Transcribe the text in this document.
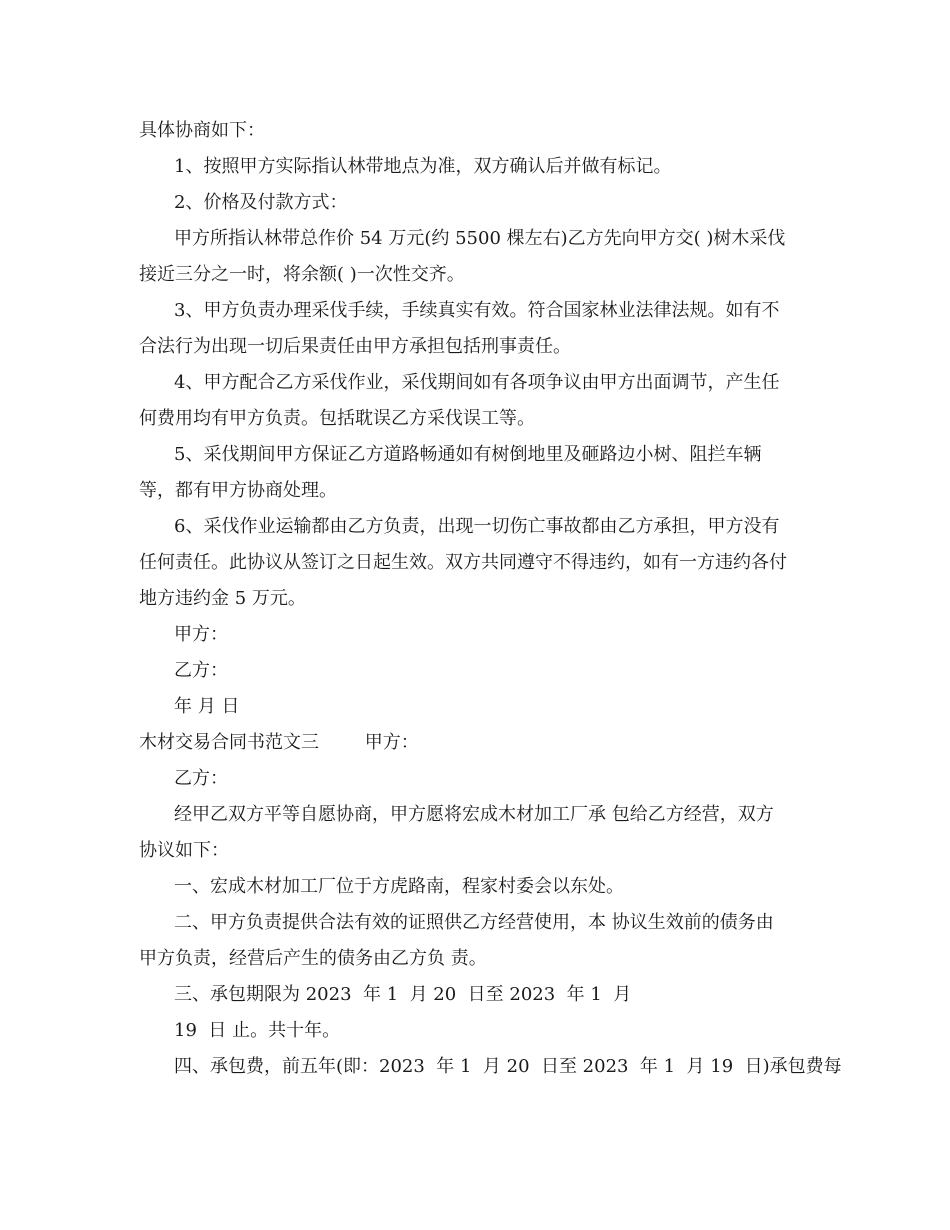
具体协商如下：
1、按照甲方实际指认林带地点为准，双方确认后并做有标记。
2、价格及付款方式：
甲方所指认林带总作价 54 万元(约 5500 棵左右)乙方先向甲方交( )树木采伐
接近三分之一时，将余额( )一次性交齐。
3、甲方负责办理采伐手续，手续真实有效。符合国家林业法律法规。如有不
合法行为出现一切后果责任由甲方承担包括刑事责任。
4、甲方配合乙方采伐作业，采伐期间如有各项争议由甲方出面调节，产生任
何费用均有甲方负责。包括耽误乙方采伐误工等。
5、采伐期间甲方保证乙方道路畅通如有树倒地里及砸路边小树、阻拦车辆
等，都有甲方协商处理。
6、采伐作业运输都由乙方负责，出现一切伤亡事故都由乙方承担，甲方没有
任何责任。此协议从签订之日起生效。双方共同遵守不得违约，如有一方违约各付
地方违约金 5 万元。
甲方：
乙方：
年 月 日
木材交易合同书范文三        甲方：
乙方：
经甲乙双方平等自愿协商，甲方愿将宏成木材加工厂承 包给乙方经营，双方
协议如下：
一、宏成木材加工厂位于方虎路南，程家村委会以东处。
二、甲方负责提供合法有效的证照供乙方经营使用，本 协议生效前的债务由
甲方负责，经营后产生的债务由乙方负 责。
三、承包期限为 2023  年 1  月 20  日至 2023  年 1  月
19  日 止。共十年。
四、承包费，前五年(即：2023  年 1  月 20  日至 2023  年 1  月 19  日)承包费每
